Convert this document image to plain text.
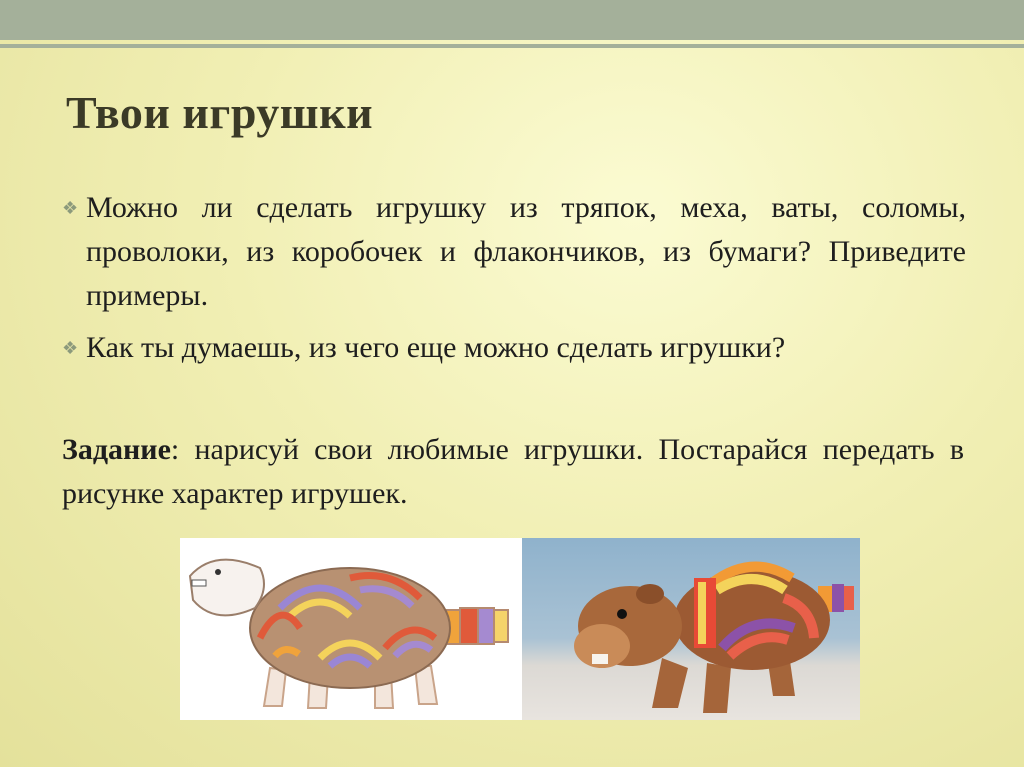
Твои игрушки
❖ Можно ли сделать игрушку из тряпок, меха, ваты, соломы, проволоки, из коробочек и флакончиков, из бумаги? Приведите примеры.
❖ Как ты думаешь, из чего еще можно сделать игрушки?
Задание: нарисуй свои любимые игрушки. Постарайся передать в рисунке характер игрушек.
